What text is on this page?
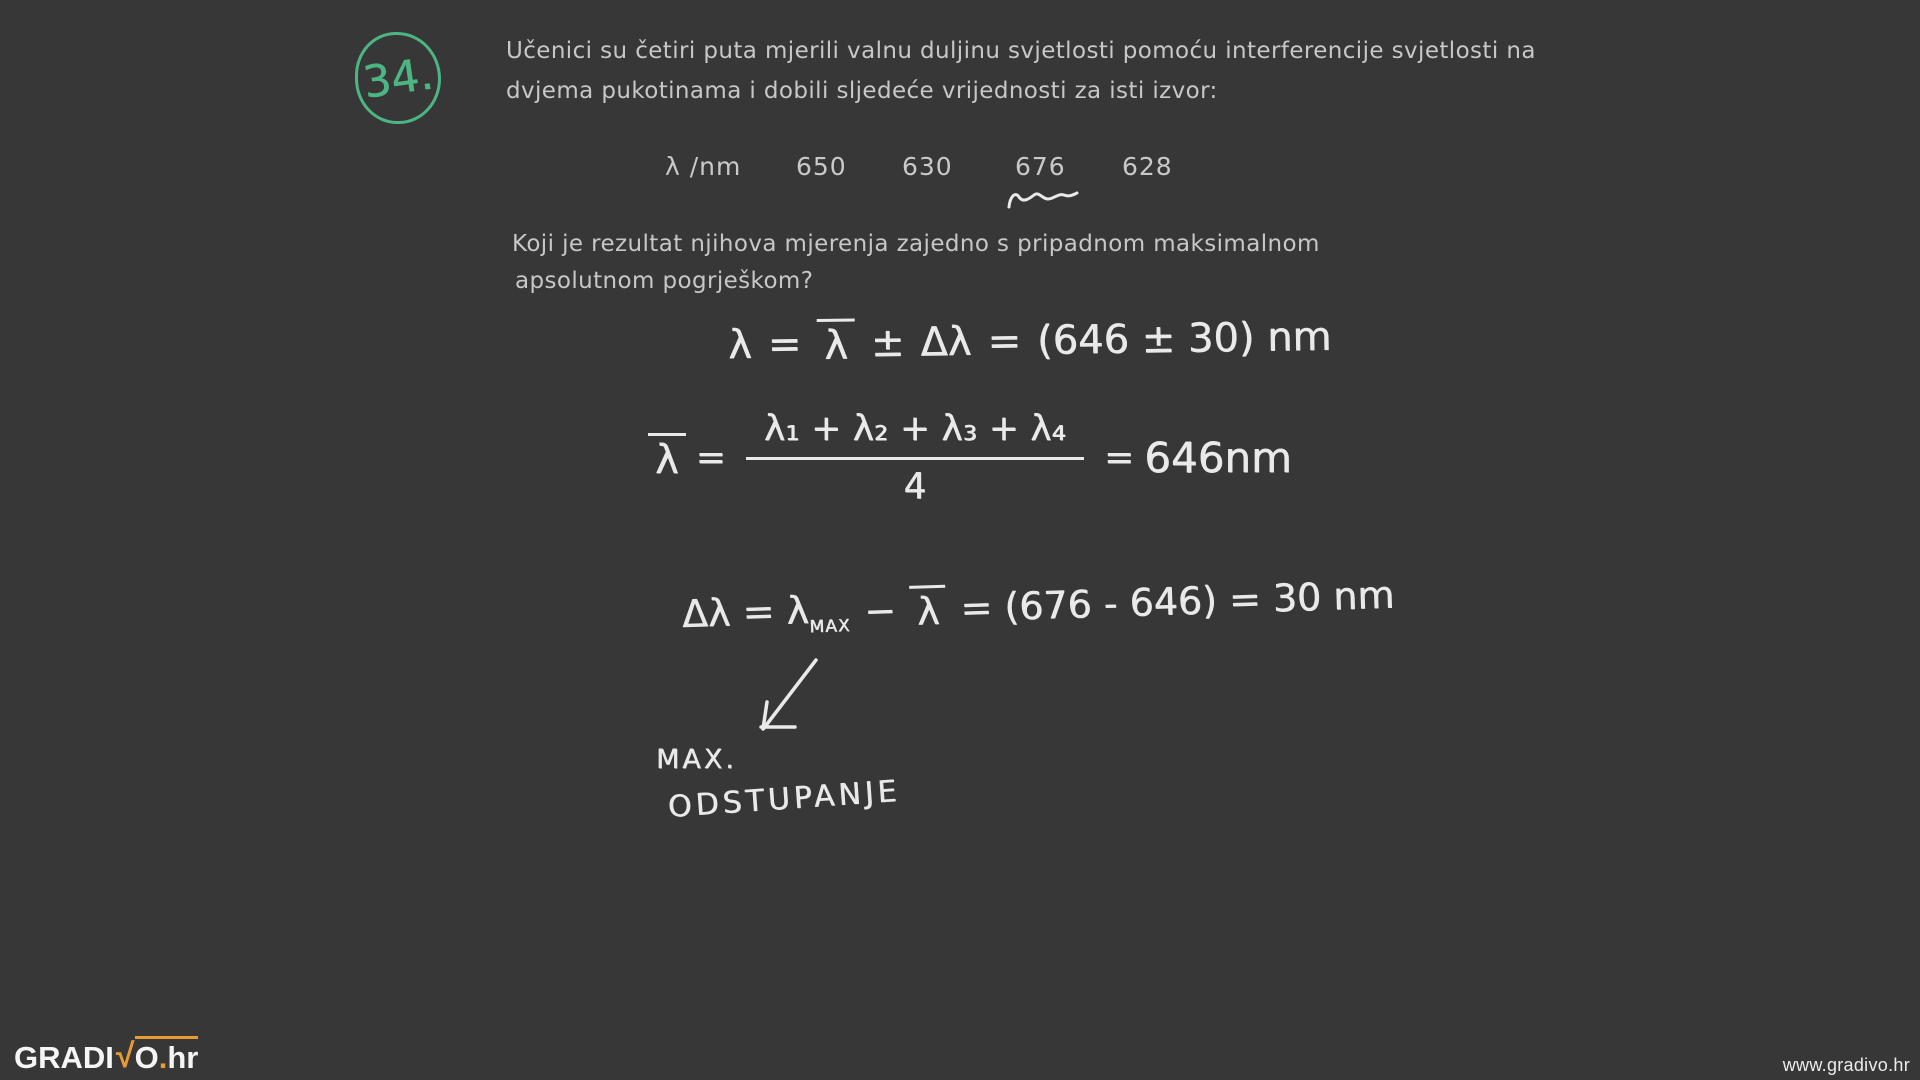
34.	Učenici su četiri puta mjerili valnu duljinu svjetlosti pomoću interferencije svjetlosti na
dvjema pukotinama i dobili sljedeće vrijednosti za isti izvor:
λ /nm 650 630 676 628
Koji je rezultat njihova mjerenja zajedno s pripadnom maksimalnom
apsolutnom pogrješkom?
λ = λ ± Δλ = (646 ± 30) nm
$\lambda = \frac{\text{λ₁ + λ₂ + λ₃ + λ₄}}{4} = 646nm$
$\Delta\lambda = \lambda_{MAX} - \lambda = (676 - 646) = 30$ nm
MAX.
ODSTUPANJE
GRADI √ O.hr	www.gradivo.hr
